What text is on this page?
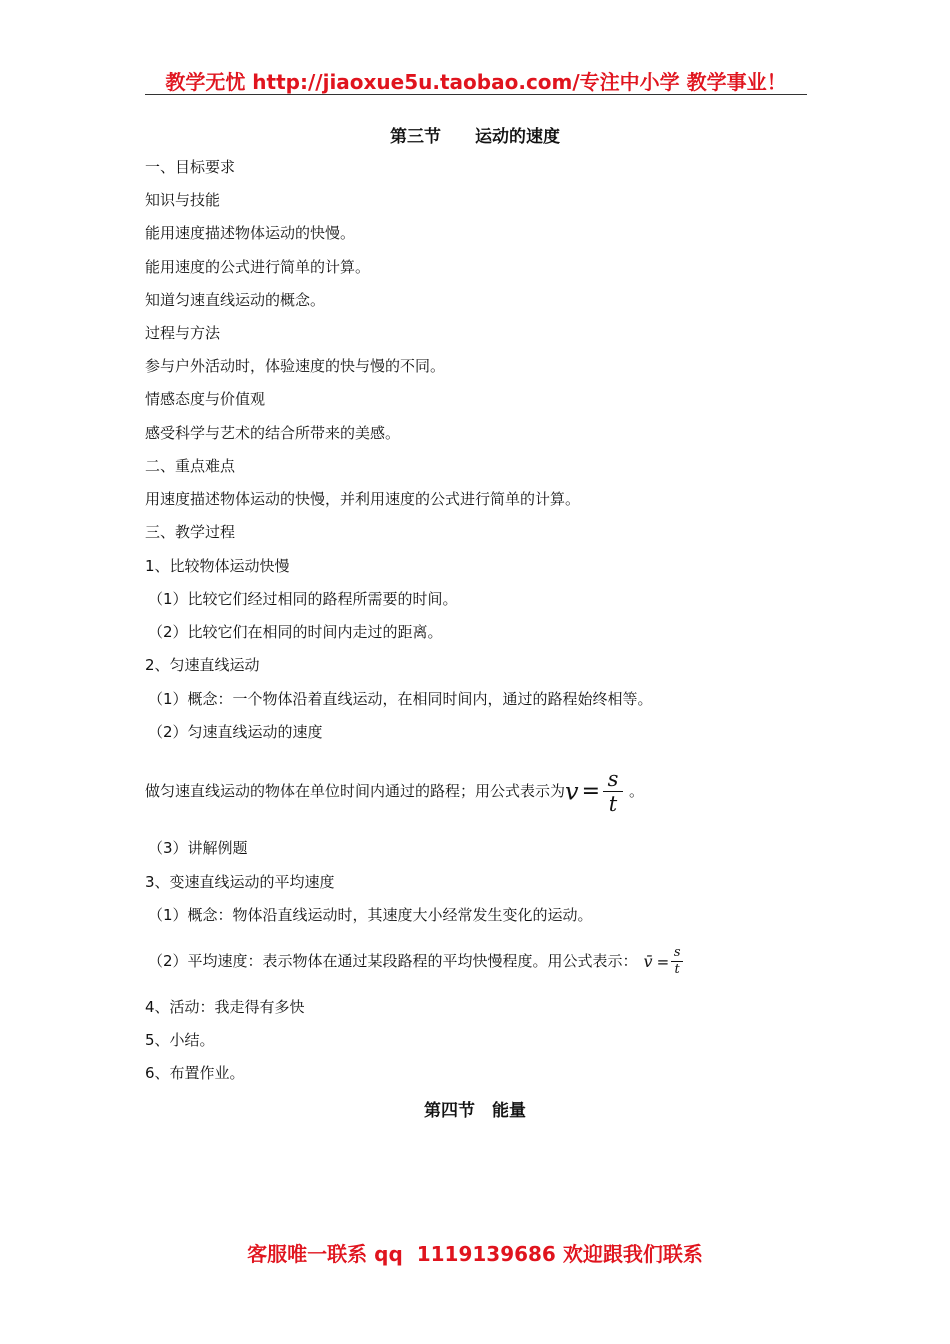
教学无忧 http://jiaoxue5u.taobao.com/专注中小学 教学事业！
第三节　　运动的速度
一、目标要求
知识与技能
能用速度描述物体运动的快慢。
能用速度的公式进行简单的计算。
知道匀速直线运动的概念。
过程与方法
参与户外活动时，体验速度的快与慢的不同。
情感态度与价值观
感受科学与艺术的结合所带来的美感。
二、重点难点
用速度描述物体运动的快慢，并利用速度的公式进行简单的计算。
三、教学过程
1、比较物体运动快慢
（1）比较它们经过相同的路程所需要的时间。
（2）比较它们在相同的时间内走过的距离。
2、匀速直线运动
（1）概念：一个物体沿着直线运动，在相同时间内，通过的路程始终相等。
（2）匀速直线运动的速度
做匀速直线运动的物体在单位时间内通过的路程；用公式表示为$v = \frac{s}{t}$ 。
（3）讲解例题
3、变速直线运动的平均速度
（1）概念：物体沿直线运动时，其速度大小经常发生变化的运动。
（2）平均速度：表示物体在通过某段路程的平均快慢程度。用公式表示： v̄ = $\frac{s}{t}$
4、活动：我走得有多快
5、小结。
6、布置作业。
第四节　能量
客服唯一联系 qq  1119139686 欢迎跟我们联系
